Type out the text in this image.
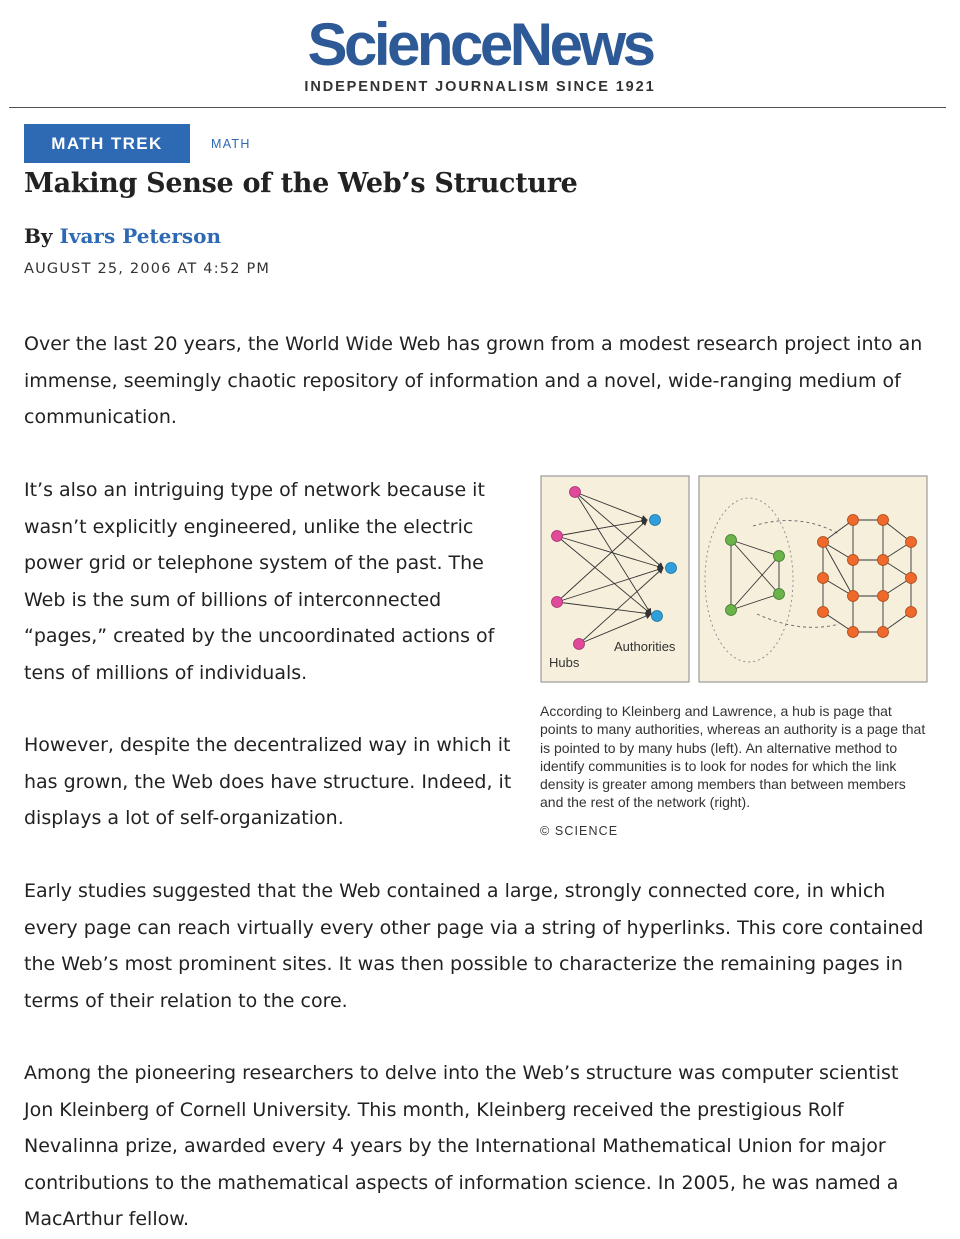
ScienceNews
INDEPENDENT JOURNALISM SINCE 1921
MATH TREK	MATH
Making Sense of the Web’s Structure
By Ivars Peterson
AUGUST 25, 2006 AT 4:52 PM

Over the last 20 years, the World Wide Web has grown from a modest research project into an immense, seemingly chaotic repository of information and a novel, wide-ranging medium of communication.

It’s also an intriguing type of network because it wasn’t explicitly engineered, unlike the electric power grid or telephone system of the past. The Web is the sum of billions of interconnected “pages,” created by the uncoordinated actions of tens of millions of individuals.

However, despite the decentralized way in which it has grown, the Web does have structure. Indeed, it displays a lot of self-organization.

Early studies suggested that the Web contained a large, strongly connected core, in which every page can reach virtually every other page via a string of hyperlinks. This core contained the Web’s most prominent sites. It was then possible to characterize the remaining pages in terms of their relation to the core.

Among the pioneering researchers to delve into the Web’s structure was computer scientist Jon Kleinberg of Cornell University. This month, Kleinberg received the prestigious Rolf Nevalinna prize, awarded every 4 years by the International Mathematical Union for major contributions to the mathematical aspects of information science. In 2005, he was named a MacArthur fellow.

Hubs
Authorities
According to Kleinberg and Lawrence, a hub is page that points to many authorities, whereas an authority is a page that is pointed to by many hubs (left). An alternative method to identify communities is to look for nodes for which the link density is greater among members than between members and the rest of the network (right).
© SCIENCE
